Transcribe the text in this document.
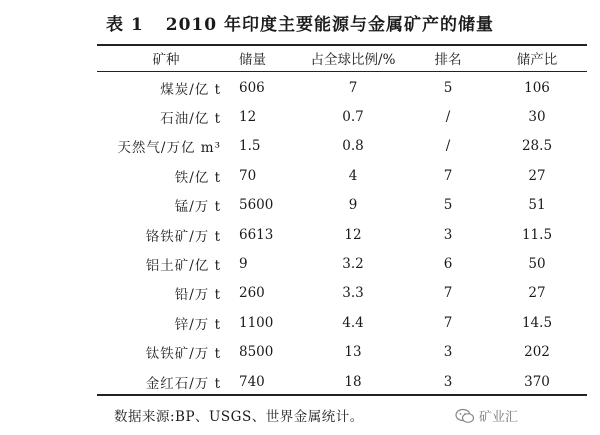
表 1 2010 年印度主要能源与金属矿产的储量
矿种	储量	占全球比例/%	排名	储产比
煤炭/亿 t	606	7	5	106
石油/亿 t	12	0.7	/	30
天然气/万亿 m³	1.5	0.8	/	28.5
铁/亿 t	70	4	7	27
锰/万 t	5600	9	5	51
铬铁矿/万 t	6613	12	3	11.5
铝土矿/亿 t	9	3.2	6	50
铅/万 t	260	3.3	7	27
锌/万 t	1100	4.4	7	14.5
钛铁矿/万 t	8500	13	3	202
金红石/万 t	740	18	3	370
数据来源:BP、USGS、世界金属统计。	矿业汇
